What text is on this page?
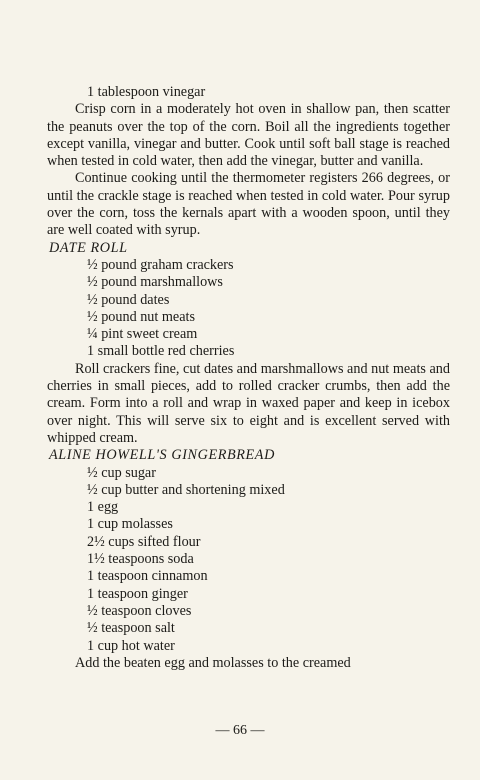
1 tablespoon vinegar
Crisp corn in a moderately hot oven in shallow pan, then scatter the peanuts over the top of the corn. Boil all the ingredients together except vanilla, vinegar and butter. Cook until soft ball stage is reached when tested in cold water, then add the vinegar, butter and vanilla.
Continue cooking until the thermometer registers 266 degrees, or until the crackle stage is reached when tested in cold water. Pour syrup over the corn, toss the kernals apart with a wooden spoon, until they are well coated with syrup.
DATE ROLL
½ pound graham crackers
½ pound marshmallows
½ pound dates
½ pound nut meats
¼ pint sweet cream
1 small bottle red cherries
Roll crackers fine, cut dates and marshmallows and nut meats and cherries in small pieces, add to rolled cracker crumbs, then add the cream. Form into a roll and wrap in waxed paper and keep in icebox over night. This will serve six to eight and is excellent served with whipped cream.
ALINE HOWELL'S GINGERBREAD
½ cup sugar
½ cup butter and shortening mixed
1 egg
1 cup molasses
2½ cups sifted flour
1½ teaspoons soda
1 teaspoon cinnamon
1 teaspoon ginger
½ teaspoon cloves
½ teaspoon salt
1 cup hot water
Add the beaten egg and molasses to the creamed
— 66 —
